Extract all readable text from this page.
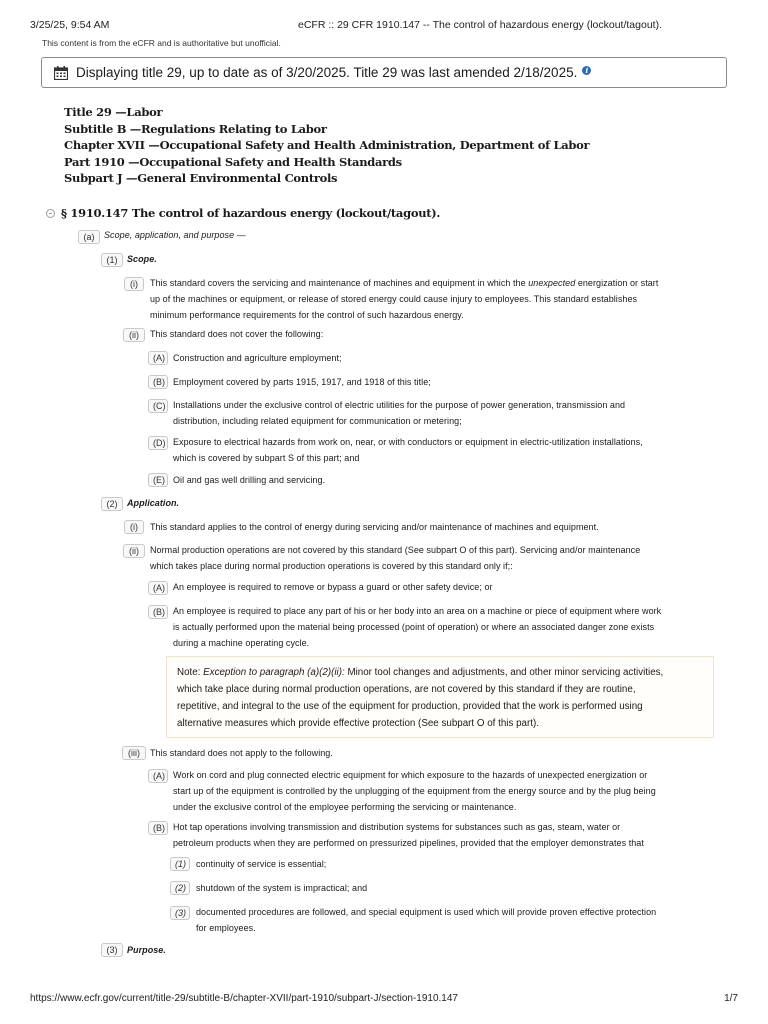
3/25/25, 9:54 AM	eCFR :: 29 CFR 1910.147 -- The control of hazardous energy (lockout/tagout).
This content is from the eCFR and is authoritative but unofficial.
Displaying title 29, up to date as of 3/20/2025. Title 29 was last amended 2/18/2025.	i
Title 29 —Labor
Subtitle B —Regulations Relating to Labor
Chapter XVII —Occupational Safety and Health Administration, Department of Labor
Part 1910 —Occupational Safety and Health Standards
Subpart J —General Environmental Controls
§ 1910.147 The control of hazardous energy (lockout/tagout).
(a)	Scope, application, and purpose —
(1)	Scope.
(i)	This standard covers the servicing and maintenance of machines and equipment in which the unexpected energization or start
up of the machines or equipment, or release of stored energy could cause injury to employees. This standard establishes
minimum performance requirements for the control of such hazardous energy.
(ii)	This standard does not cover the following:
(A) Construction and agriculture employment;
(B) Employment covered by parts 1915, 1917, and 1918 of this title;
(C) Installations under the exclusive control of electric utilities for the purpose of power generation, transmission and
distribution, including related equipment for communication or metering;
(D) Exposure to electrical hazards from work on, near, or with conductors or equipment in electric-utilization installations,
which is covered by subpart S of this part; and
(E) Oil and gas well drilling and servicing.
(2)	Application.
(i)	This standard applies to the control of energy during servicing and/or maintenance of machines and equipment.
(ii)	Normal production operations are not covered by this standard (See subpart O of this part). Servicing and/or maintenance
which takes place during normal production operations is covered by this standard only if;:
(A) An employee is required to remove or bypass a guard or other safety device; or
(B) An employee is required to place any part of his or her body into an area on a machine or piece of equipment where work
is actually performed upon the material being processed (point of operation) or where an associated danger zone exists
during a machine operating cycle.
Note: Exception to paragraph (a)(2)(ii): Minor tool changes and adjustments, and other minor servicing activities,
which take place during normal production operations, are not covered by this standard if they are routine,
repetitive, and integral to the use of the equipment for production, provided that the work is performed using
alternative measures which provide effective protection (See subpart O of this part).
(iii)	This standard does not apply to the following.
(A) Work on cord and plug connected electric equipment for which exposure to the hazards of unexpected energization or
start up of the equipment is controlled by the unplugging of the equipment from the energy source and by the plug being
under the exclusive control of the employee performing the servicing or maintenance.
(B) Hot tap operations involving transmission and distribution systems for substances such as gas, steam, water or
petroleum products when they are performed on pressurized pipelines, provided that the employer demonstrates that
(1)	continuity of service is essential;
(2)	shutdown of the system is impractical; and
(3)	documented procedures are followed, and special equipment is used which will provide proven effective protection
for employees.
(3)	Purpose.
https://www.ecfr.gov/current/title-29/subtitle-B/chapter-XVII/part-1910/subpart-J/section-1910.147	1/7
